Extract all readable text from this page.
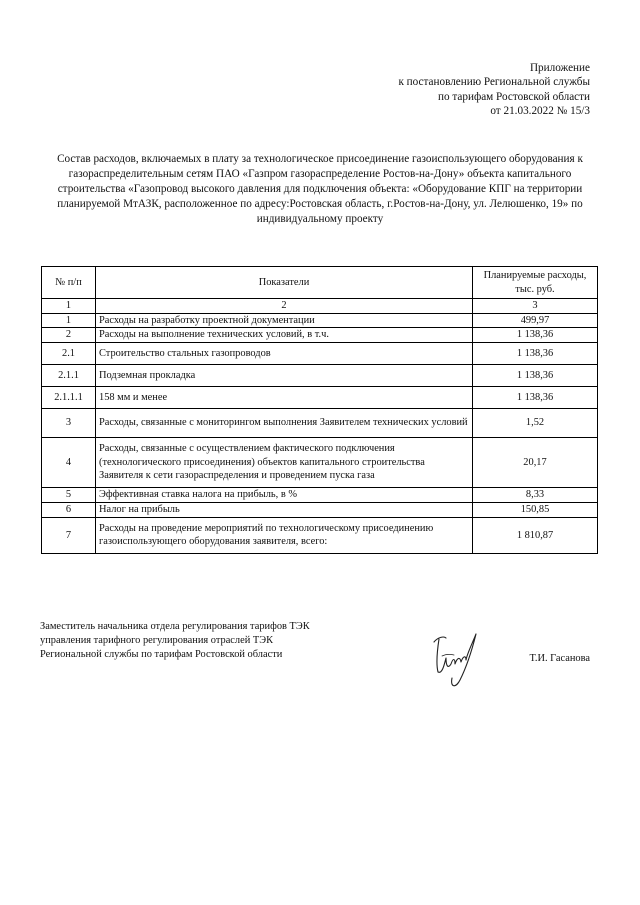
Приложение
к постановлению Региональной службы
по тарифам Ростовской области
от 21.03.2022 № 15/3
Состав расходов, включаемых в плату за технологическое присоединение газоиспользующего оборудования к газораспределительным сетям ПАО «Газпром газораспределение Ростов-на-Дону» объекта капитального строительства «Газопровод высокого давления для подключения объекта: «Оборудование КПГ на территории планируемой МтАЗК, расположенное по адресу:Ростовская область, г.Ростов-на-Дону, ул. Лелюшенко, 19» по индивидуальному проекту
№ п/п	Показатели	Планируемые расходы, тыс. руб.
1	2	3
1	Расходы на разработку проектной документации	499,97
2	Расходы на выполнение технических условий, в т.ч.	1 138,36
2.1	Строительство стальных газопроводов	1 138,36
2.1.1	Подземная прокладка	1 138,36
2.1.1.1	158 мм и менее	1 138,36
3	Расходы, связанные с мониторингом выполнения Заявителем технических условий	1,52
4	Расходы, связанные с осуществлением фактического подключения (технологического присоединения) объектов капитального строительства Заявителя к сети газораспределения и проведением пуска газа	20,17
5	Эффективная ставка налога на прибыль, в %	8,33
6	Налог на прибыль	150,85
7	Расходы на проведение мероприятий по технологическому присоединению газоиспользующего оборудования заявителя, всего:	1 810,87
Заместитель начальника отдела регулирования тарифов ТЭК
управления тарифного регулирования отраслей ТЭК
Региональной службы по тарифам Ростовской области	Т.И. Гасанова
